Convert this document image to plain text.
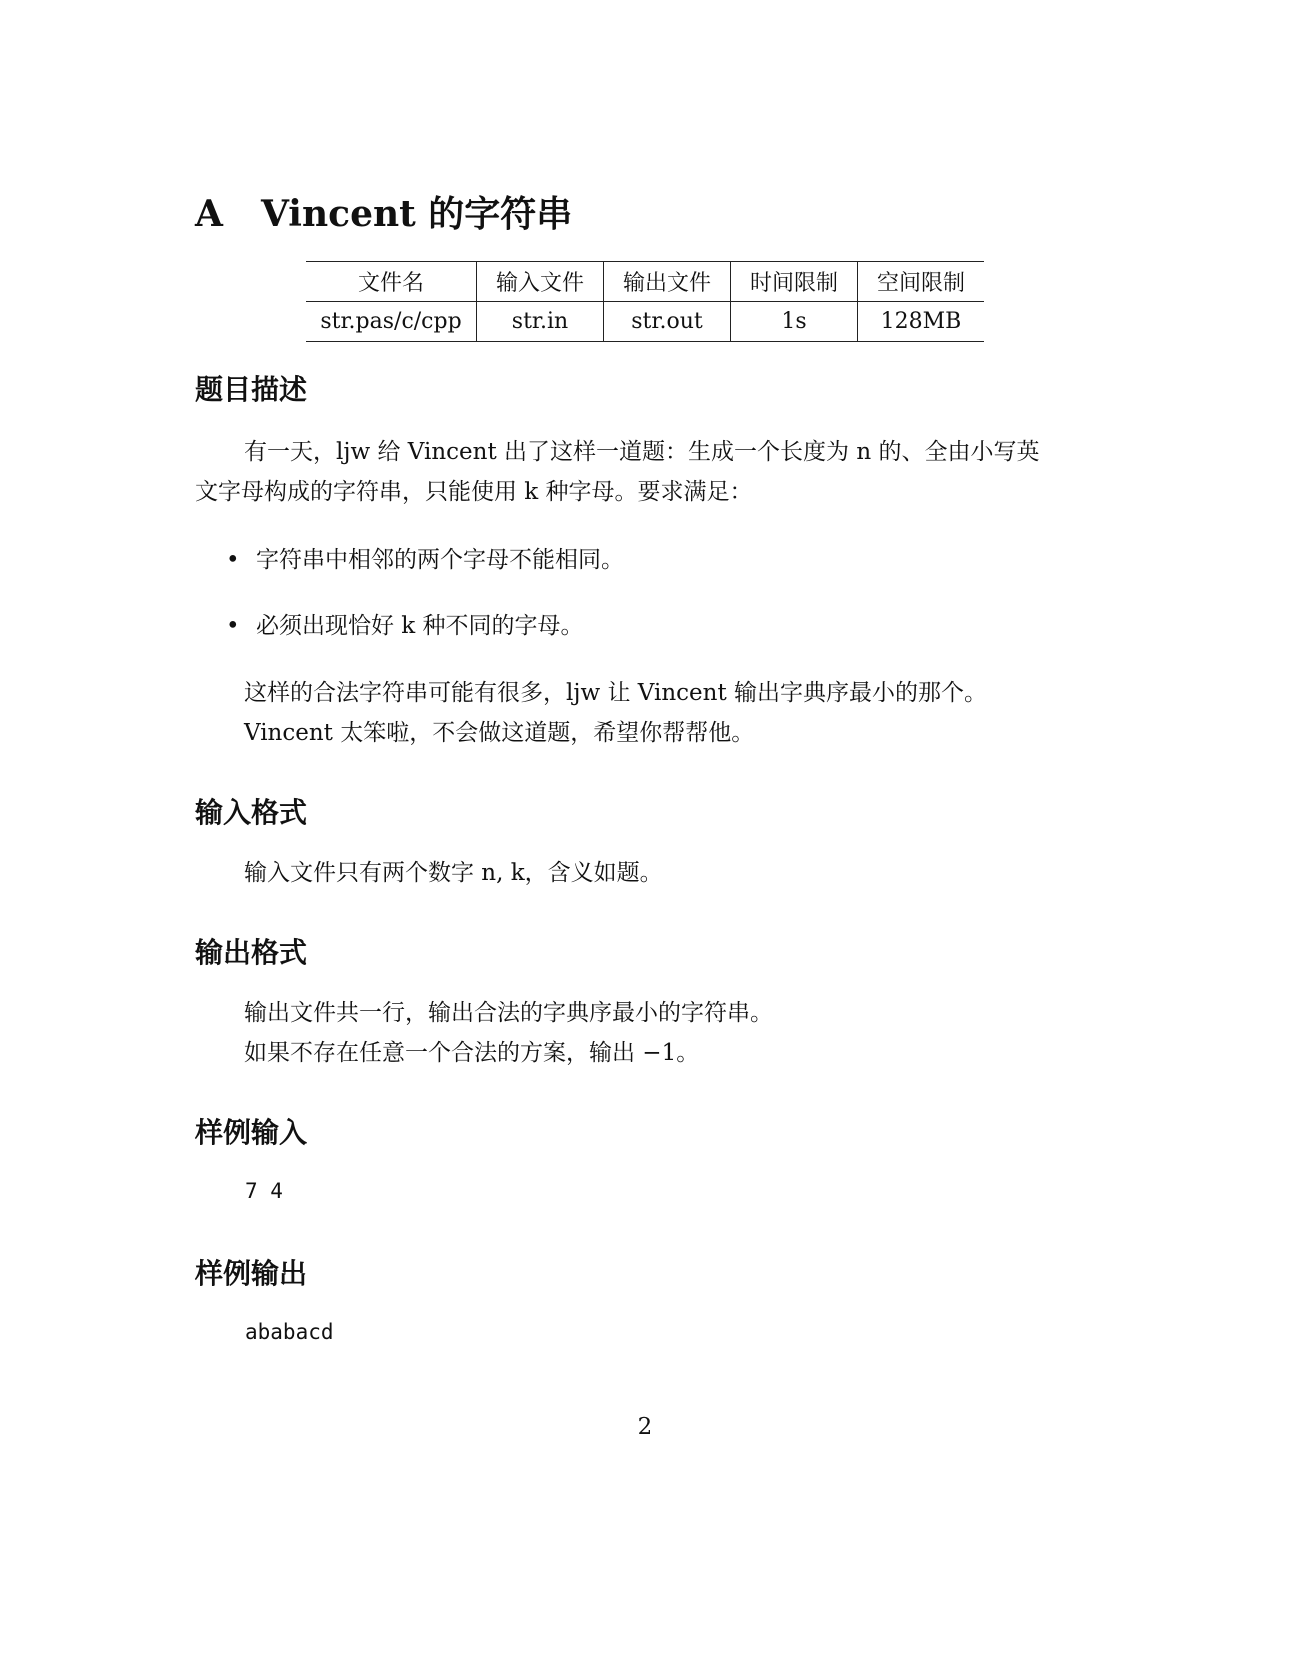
A Vincent 的字符串
文件名	输入文件	输出文件	时间限制	空间限制
str.pas/c/cpp	str.in	str.out	1s	128MB
题目描述

有一天，ljw 给 Vincent 出了这样一道题：生成一个长度为 n 的、全由小写英

文字母构成的字符串，只能使用 k 种字母。要求满足：

• 字符串中相邻的两个字母不能相同。

• 必须出现恰好 k 种不同的字母。

这样的合法字符串可能有很多，ljw 让 Vincent 输出字典序最小的那个。

Vincent 太笨啦，不会做这道题，希望你帮帮他。

输入格式

输入文件只有两个数字 n, k，含义如题。

输出格式

输出文件共一行，输出合法的字典序最小的字符串。

如果不存在任意一个合法的方案，输出 −1。

样例输入
7 4
样例输出
ababacd
2
